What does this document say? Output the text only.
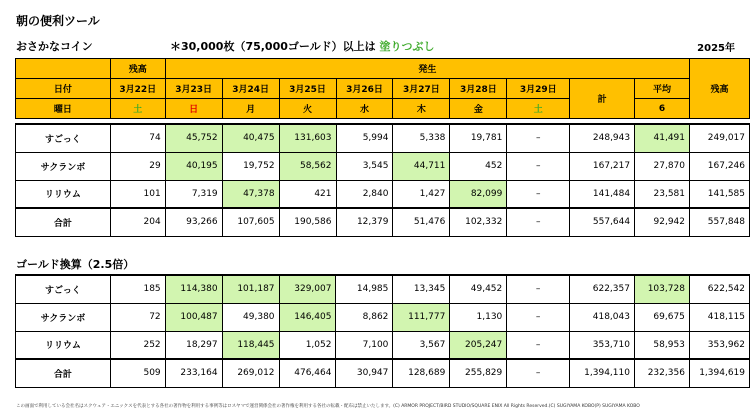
朝の便利ツール
おさかなコイン	＊30,000枚（75,000ゴールド）以上は 塗りつぶし	2025年
	残高	発生									残高
日付	3月22日	3月23日	3月24日	3月25日	3月26日	3月27日	3月28日	3月29日	計	平均	
曜日	土	日	月	火	水	木	金	土		6	

すごっく	74	45,752	40,475	131,603	5,994	5,338	19,781	–	248,943	41,491	249,017
サクランボ	29	40,195	19,752	58,562	3,545	44,711	452	–	167,217	27,870	167,246
リリウム	101	7,319	47,378	421	2,840	1,427	82,099	–	141,484	23,581	141,585
合計	204	93,266	107,605	190,586	12,379	51,476	102,332	–	557,644	92,942	557,848
ゴールド換算（2.5倍）
すごっく	185	114,380	101,187	329,007	14,985	13,345	49,452	–	622,357	103,728	622,542
サクランボ	72	100,487	49,380	146,405	8,862	111,777	1,130	–	418,043	69,675	418,115
リリウム	252	18,297	118,445	1,052	7,100	3,567	205,247	–	353,710	58,953	353,962
合計	509	233,164	269,012	476,464	30,947	128,689	255,829	–	1,394,110	232,356	1,394,619
この画面で利用している会社名はスクウェア・エニックスを代表とする各社の著作物を利用する事例等はロスヤマで運営関係会社の著作権を利用する各社の転載・配布は禁止いたします。(C) ARMOR PROJECT/BIRD STUDIO/SQUARE ENIX All Rights Reserved.(C) SUGIYAMA KOBO(P) SUGIYAMA KOBO
